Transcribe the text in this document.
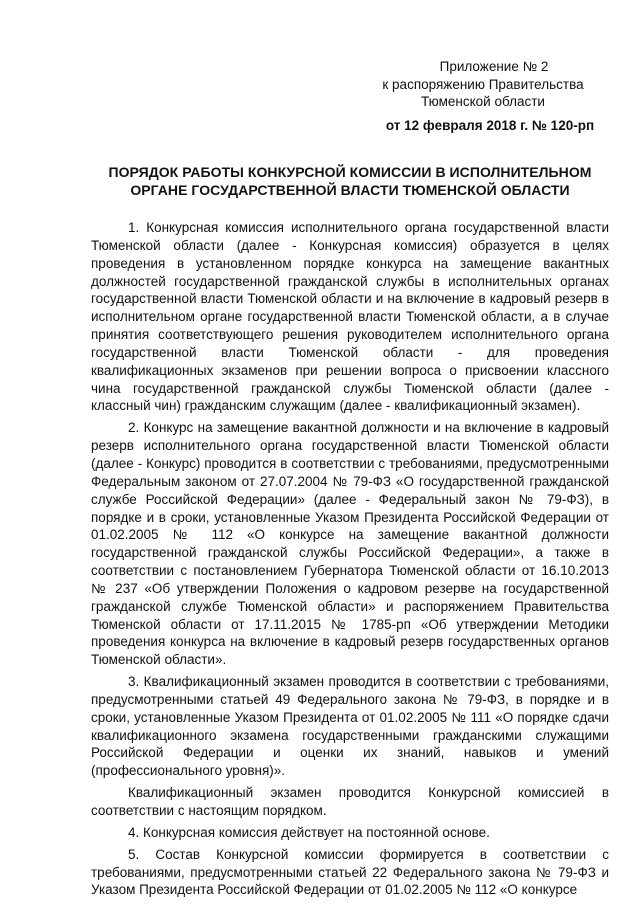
Приложение № 2
к распоряжению Правительства
Тюменской области
от 12 февраля 2018 г. № 120-рп
ПОРЯДОК РАБОТЫ КОНКУРСНОЙ КОМИССИИ В ИСПОЛНИТЕЛЬНОМ
ОРГАНЕ ГОСУДАРСТВЕННОЙ ВЛАСТИ ТЮМЕНСКОЙ ОБЛАСТИ

1. Конкурсная комиссия исполнительного органа государственной власти Тюменской области (далее - Конкурсная комиссия) образуется в целях проведения в установленном порядке конкурса на замещение вакантных должностей государственной гражданской службы в исполнительных органах государственной власти Тюменской области и на включение в кадровый резерв в исполнительном органе государственной власти Тюменской области, а в случае принятия соответствующего решения руководителем исполнительного органа государственной власти Тюменской области - для проведения квалификационных экзаменов при решении вопроса о присвоении классного чина государственной гражданской службы Тюменской области (далее - классный чин) гражданским служащим (далее - квалификационный экзамен).

2. Конкурс на замещение вакантной должности и на включение в кадровый резерв исполнительного органа государственной власти Тюменской области (далее - Конкурс) проводится в соответствии с требованиями, предусмотренными Федеральным законом от 27.07.2004 № 79-ФЗ «О государственной гражданской службе Российской Федерации» (далее - Федеральный закон № 79-ФЗ), в порядке и в сроки, установленные Указом Президента Российской Федерации от 01.02.2005 № 112 «О конкурсе на замещение вакантной должности государственной гражданской службы Российской Федерации», а также в соответствии с постановлением Губернатора Тюменской области от 16.10.2013 № 237 «Об утверждении Положения о кадровом резерве на государственной гражданской службе Тюменской области» и распоряжением Правительства Тюменской области от 17.11.2015 № 1785-рп «Об утверждении Методики проведения конкурса на включение в кадровый резерв государственных органов Тюменской области».

3. Квалификационный экзамен проводится в соответствии с требованиями, предусмотренными статьей 49 Федерального закона № 79-ФЗ, в порядке и в сроки, установленные Указом Президента от 01.02.2005 № 111 «О порядке сдачи квалификационного экзамена государственными гражданскими служащими Российской Федерации и оценки их знаний, навыков и умений (профессионального уровня)».

Квалификационный экзамен проводится Конкурсной комиссией в соответствии с настоящим порядком.

4. Конкурсная комиссия действует на постоянной основе.

5. Состав Конкурсной комиссии формируется в соответствии с требованиями, предусмотренными статьей 22 Федерального закона № 79-ФЗ и Указом Президента Российской Федерации от 01.02.2005 № 112 «О конкурсе
